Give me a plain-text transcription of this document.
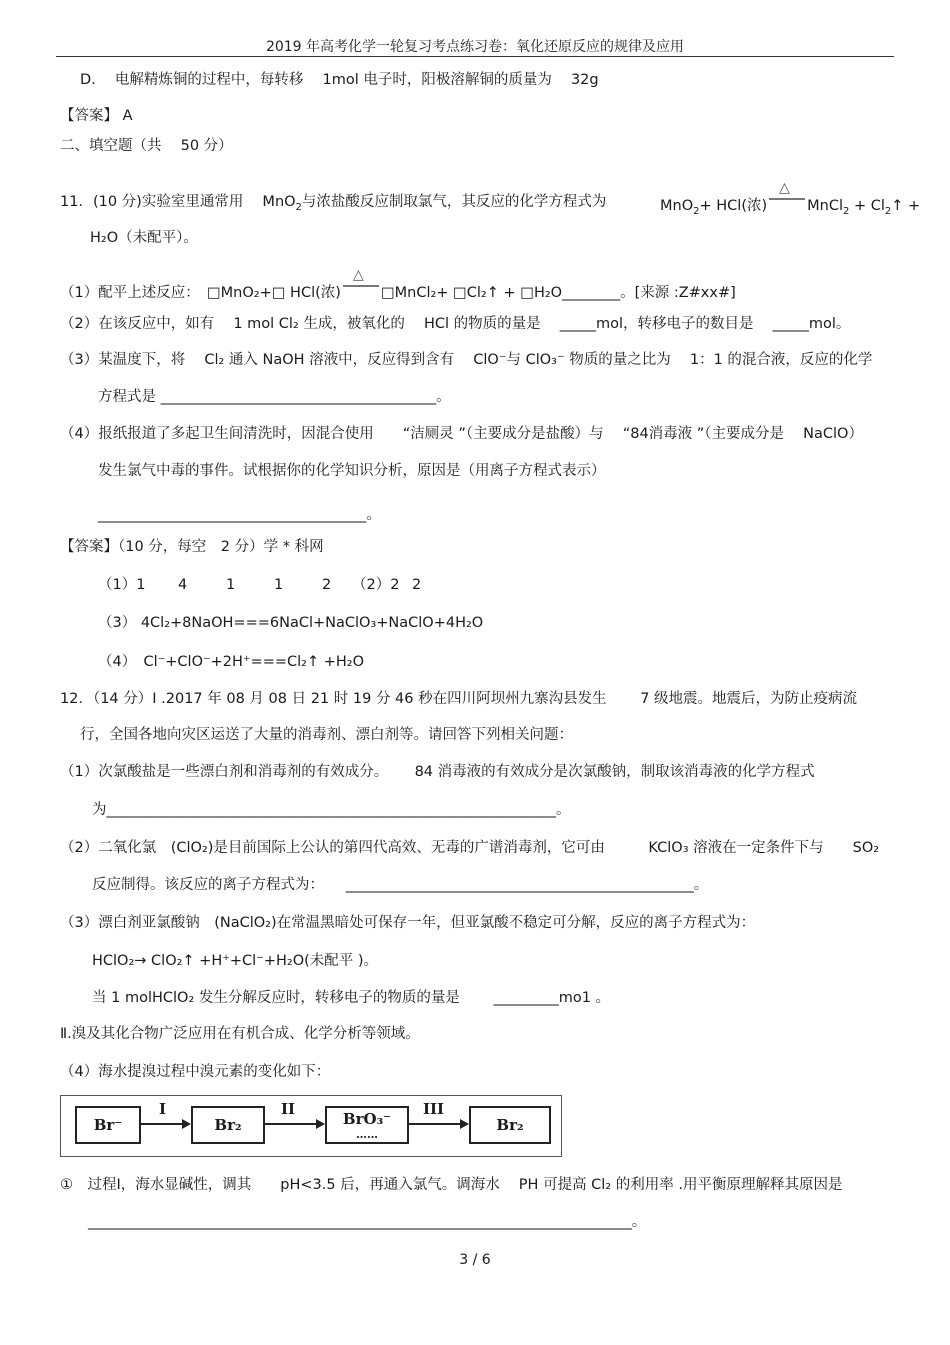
2019 年高考化学一轮复习考点练习卷：氧化还原反应的规律及应用
D.　 电解精炼铜的过程中，每转移　 1mol 电子时，阳极溶解铜的质量为　 32g
【答案】 A
二、填空题（共　 50 分）
11．(10 分)实验室里通常用　 MnO$_2$与浓盐酸反应制取氯气，其反应的化学方程式为	MnO$_2$+ HCl(浓) △	MnCl$_2$ + $Cl_2↑$ +
H₂O（未配平）。
（1）配平上述反应：　□MnO₂+□ HCl(浓) △	□MnCl₂+ □Cl₂↑ + □H₂O________。[来源 :Z#xx#]
（2）在该反应中，如有　 1 mol Cl₂ 生成，被氧化的　 HCl 的物质的量是　 _____mol，转移电子的数目是　 _____mol。
（3）某温度下，将　 Cl₂ 通入 NaOH 溶液中，反应得到含有　 ClO⁻与 ClO₃⁻ 物质的量之比为　 1：1 的混合液，反应的化学
方程式是 ______________________________________。
（4）报纸报道了多起卫生间清洗时，因混合使用　　“洁厕灵 ”（主要成分是盐酸）与　 “84消毒液 ”（主要成分是　 NaClO）
发生氯气中毒的事件。试根据你的化学知识分析，原因是（用离子方程式表示）
_____________________________________。
【答案】（10 分，每空　2 分）学 * 科网
（1）1 4	1	1	2 （2）2 2
（3） 4Cl₂+8NaOH===6NaCl+NaClO₃+NaClO+4H₂O
（4）　Cl⁻+ClO⁻+2H⁺===Cl₂↑ +H₂O
12．（14 分）Ⅰ .2017 年 08 月 08 日 21 时 19 分 46 秒在四川阿坝州九寨沟县发生　　 7 级地震。地震后，为防止疫病流
行，全国各地向灾区运送了大量的消毒剂、漂白剂等。请回答下列相关问题：
（1）次氯酸盐是一些漂白剂和消毒剂的有效成分。　　 84 消毒液的有效成分是次氯酸钠，制取该消毒液的化学方程式
为______________________________________________________________。
（2）二氧化氯　(ClO₂)是目前国际上公认的第四代高效、无毒的广谱消毒剂，它可由　　　KClO₃ 溶液在一定条件下与　　SO₂
反应制得。该反应的离子方程式为：　　________________________________________________。
（3）漂白剂亚氯酸钠　(NaClO₂)在常温黑暗处可保存一年，但亚氯酸不稳定可分解，反应的离子方程式为：
HClO₂→ ClO₂↑ +H⁺+Cl⁻+H₂O(未配平 )。
当 1 molHClO₂ 发生分解反应时，转移电子的物质的量是　　 _________mo1 。
Ⅱ.溴及其化合物广泛应用在有机合成、化学分析等领域。
（4）海水提溴过程中溴元素的变化如下：
Br⁻
I
Br₂
II
BrO₃⁻
……
III
Br₂
①　过程Ⅰ，海水显碱性，调其　　pH<3.5 后，再通入氯气。调海水　 PH 可提高 Cl₂ 的利用率 .用平衡原理解释其原因是
___________________________________________________________________________。
3 / 6
